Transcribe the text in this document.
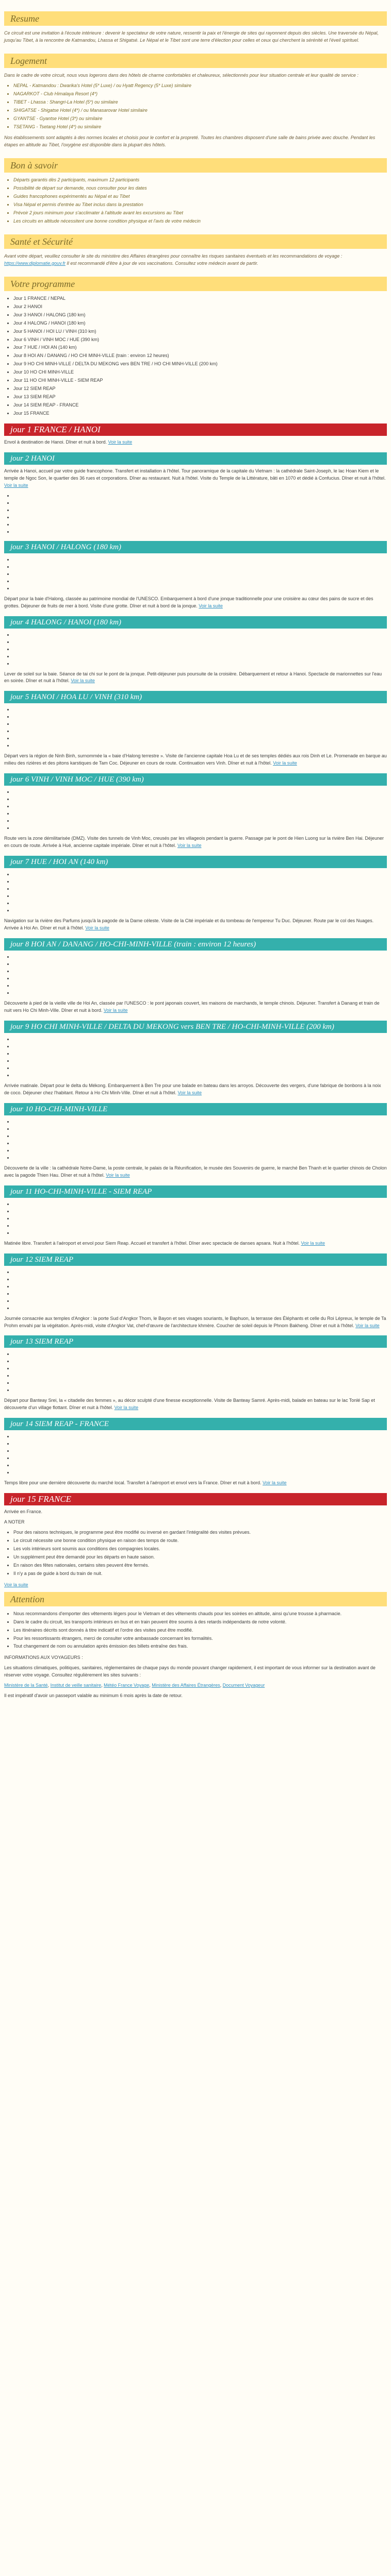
Resume

Ce circuit est une invitation à l'écoute intérieure : devenir le spectateur de votre nature, ressentir la paix et l'énergie de sites qui rayonnent depuis des siècles. Une traversée du Népal, jusqu'au Tibet, à la rencontre de Katmandou, Lhassa et Shigatsé. Le Népal et le Tibet sont une terre d'élection pour celles et ceux qui cherchent la sérénité et l'éveil spirituel.

Logement

Dans le cadre de votre circuit, nous vous logerons dans des hôtels de charme confortables et chaleureux, sélectionnés pour leur situation centrale et leur qualité de service :

• NEPAL - Katmandou : Dwarika's Hotel (5* Luxe) / ou Hyatt Regency (5* Luxe) similaire
• NAGARKOT - Club Himalaya Resort (4*)
• TIBET - Lhassa : Shangri-La Hotel (5*) ou similaire
• SHIGATSE - Shigatse Hotel (4*) / ou Manasarovar Hotel similaire
• GYANTSE - Gyantse Hotel (3*) ou similaire
• TSETANG - Tsetang Hotel (4*) ou similaire

Nos établissements sont adaptés à des normes locales et choisis pour le confort et la propreté. Toutes les chambres disposent d'une salle de bains privée avec douche. Pendant les étapes en altitude au Tibet, l'oxygène est disponible dans la plupart des hôtels.

Bon à savoir
• Départs garantis dès 2 participants, maximum 12 participants
• Possibilité de départ sur demande, nous consulter pour les dates
• Guides francophones expérimentés au Népal et au Tibet
• Visa Népal et permis d'entrée au Tibet inclus dans la prestation
• Prévoir 2 jours minimum pour s'acclimater à l'altitude avant les excursions au Tibet
• Les circuits en altitude nécessitent une bonne condition physique et l'avis de votre médecin
Santé et Sécurité

Avant votre départ, veuillez consulter le site du ministère des Affaires étrangères pour connaître les risques sanitaires éventuels et les recommandations de voyage : https://www.diplomatie.gouv.fr Il est recommandé d'être à jour de vos vaccinations. Consultez votre médecin avant de partir.

Votre programme
• Jour 1 FRANCE / NEPAL
• Jour 2 HANOI
• Jour 3 HANOI / HALONG (180 km)
• Jour 4 HALONG / HANOI (180 km)
• Jour 5 HANOI / HOI LU / VINH (310 km)
• Jour 6 VINH / VINH MOC / HUE (390 km)
• Jour 7 HUE / HOI AN (140 km)
• Jour 8 HOI AN / DANANG / HO CHI MINH-VILLE (train : environ 12 heures)
• Jour 9 HO CHI MINH-VILLE / DELTA DU MEKONG vers BEN TRE / HO CHI MINH-VILLE (200 km)
• Jour 10 HO CHI MINH-VILLE
• Jour 11 HO CHI MINH-VILLE - SIEM REAP
• Jour 12 SIEM REAP
• Jour 13 SIEM REAP
• Jour 14 SIEM REAP - FRANCE
• Jour 15 FRANCE
jour 1 FRANCE / HANOI

Envol à destination de Hanoi. Dîner et nuit à bord. Voir la suite

jour 2 HANOI

Arrivée à Hanoi, accueil par votre guide francophone. Transfert et installation à l'hôtel. Tour panoramique de la capitale du Vietnam : la cathédrale Saint-Joseph, le lac Hoan Kiem et le temple de Ngoc Son, le quartier des 36 rues et corporations. Dîner au restaurant. Nuit à l'hôtel. Visite du Temple de la Littérature, bâti en 1070 et dédié à Confucius. Dîner et nuit à l'hôtel. Voir la suite

•
•
•
•
•
•
jour 3 HANOI / HALONG (180 km)
•
•
•
•
•

Départ pour la baie d'Halong, classée au patrimoine mondial de l'UNESCO. Embarquement à bord d'une jonque traditionnelle pour une croisière au cœur des pains de sucre et des grottes. Déjeuner de fruits de mer à bord. Visite d'une grotte. Dîner et nuit à bord de la jonque. Voir la suite

jour 4 HALONG / HANOI (180 km)
•
•
•
•
•

Lever de soleil sur la baie. Séance de tai chi sur le pont de la jonque. Petit-déjeuner puis poursuite de la croisière. Débarquement et retour à Hanoi. Spectacle de marionnettes sur l'eau en soirée. Dîner et nuit à l'hôtel. Voir la suite

jour 5 HANOI / HOA LU / VINH (310 km)
•
•
•
•
•
•

Départ vers la région de Ninh Binh, surnommée la « baie d'Halong terrestre ». Visite de l'ancienne capitale Hoa Lu et de ses temples dédiés aux rois Dinh et Le. Promenade en barque au milieu des rizières et des pitons karstiques de Tam Coc. Déjeuner en cours de route. Continuation vers Vinh. Dîner et nuit à l'hôtel. Voir la suite

jour 6 VINH / VINH MOC / HUE (390 km)
•
•
•
•
•
•

Route vers la zone démilitarisée (DMZ). Visite des tunnels de Vinh Moc, creusés par les villageois pendant la guerre. Passage par le pont de Hien Luong sur la rivière Ben Hai. Déjeuner en cours de route. Arrivée à Hué, ancienne capitale impériale. Dîner et nuit à l'hôtel. Voir la suite

jour 7 HUE / HOI AN (140 km)
•
•
•
•
•
•

Navigation sur la rivière des Parfums jusqu'à la pagode de la Dame céleste. Visite de la Cité impériale et du tombeau de l'empereur Tu Duc. Déjeuner. Route par le col des Nuages. Arrivée à Hoi An. Dîner et nuit à l'hôtel. Voir la suite

jour 8 HOI AN / DANANG / HO-CHI-MINH-VILLE (train : environ 12 heures)
•
•
•
•
•
•

Découverte à pied de la vieille ville de Hoi An, classée par l'UNESCO : le pont japonais couvert, les maisons de marchands, le temple chinois. Déjeuner. Transfert à Danang et train de nuit vers Ho Chi Minh-Ville. Dîner et nuit à bord. Voir la suite

jour 9 HO CHI MINH-VILLE / DELTA DU MEKONG vers BEN TRE / HO-CHI-MINH-VILLE (200 km)
•
•
•
•
•
•

Arrivée matinale. Départ pour le delta du Mékong. Embarquement à Ben Tre pour une balade en bateau dans les arroyos. Découverte des vergers, d'une fabrique de bonbons à la noix de coco. Déjeuner chez l'habitant. Retour à Ho Chi Minh-Ville. Dîner et nuit à l'hôtel. Voir la suite

jour 10 HO-CHI-MINH-VILLE
•
•
•
•
•
•

Découverte de la ville : la cathédrale Notre-Dame, la poste centrale, le palais de la Réunification, le musée des Souvenirs de guerre, le marché Ben Thanh et le quartier chinois de Cholon avec la pagode Thien Hau. Dîner et nuit à l'hôtel. Voir la suite

jour 11 HO-CHI-MINH-VILLE - SIEM REAP
•
•
•
•
•

Matinée libre. Transfert à l'aéroport et envol pour Siem Reap. Accueil et transfert à l'hôtel. Dîner avec spectacle de danses apsara. Nuit à l'hôtel. Voir la suite

jour 12 SIEM REAP
•
•
•
•
•
•

Journée consacrée aux temples d'Angkor : la porte Sud d'Angkor Thom, le Bayon et ses visages souriants, le Baphuon, la terrasse des Éléphants et celle du Roi Lépreux, le temple de Ta Prohm envahi par la végétation. Après-midi, visite d'Angkor Vat, chef-d'œuvre de l'architecture khmère. Coucher de soleil depuis le Phnom Bakheng. Dîner et nuit à l'hôtel. Voir la suite

jour 13 SIEM REAP
•
•
•
•
•
•

Départ pour Banteay Srei, la « citadelle des femmes », au décor sculpté d'une finesse exceptionnelle. Visite de Banteay Samré. Après-midi, balade en bateau sur le lac Tonlé Sap et découverte d'un village flottant. Dîner et nuit à l'hôtel. Voir la suite

jour 14 SIEM REAP - FRANCE
•
•
•
•
•
•

Temps libre pour une dernière découverte du marché local. Transfert à l'aéroport et envol vers la France. Dîner et nuit à bord. Voir la suite

jour 15 FRANCE

Arrivée en France.

A NOTER

• Pour des raisons techniques, le programme peut être modifié ou inversé en gardant l'intégralité des visites prévues.
• Le circuit nécessite une bonne condition physique en raison des temps de route.
• Les vols intérieurs sont soumis aux conditions des compagnies locales.
• Un supplément peut être demandé pour les départs en haute saison.
• En raison des fêtes nationales, certains sites peuvent être fermés.
• Il n'y a pas de guide à bord du train de nuit.

Voir la suite

Attention
• Nous recommandons d'emporter des vêtements légers pour le Vietnam et des vêtements chauds pour les soirées en altitude, ainsi qu'une trousse à pharmacie.
• Dans le cadre du circuit, les transports intérieurs en bus et en train peuvent être soumis à des retards indépendants de notre volonté.
• Les itinéraires décrits sont donnés à titre indicatif et l'ordre des visites peut être modifié.
• Pour les ressortissants étrangers, merci de consulter votre ambassade concernant les formalités.
• Tout changement de nom ou annulation après émission des billets entraîne des frais.

INFORMATIONS AUX VOYAGEURS :

Les situations climatiques, politiques, sanitaires, réglementaires de chaque pays du monde pouvant changer rapidement, il est important de vous informer sur la destination avant de réserver votre voyage. Consultez régulièrement les sites suivants :

Ministère de la Santé, Institut de veille sanitaire, Météo France Voyage, Ministère des Affaires Étrangères, Document Voyageur

Il est impératif d'avoir un passeport valable au minimum 6 mois après la date de retour.
